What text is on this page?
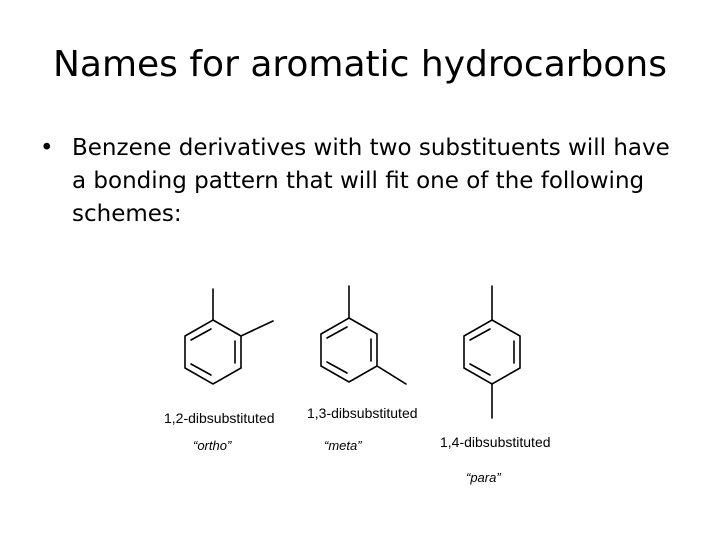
Names for aromatic hydrocarbons
• Benzene derivatives with two substituents will have a bonding pattern that will fit one of the following schemes:
1,2-dibsubstituted
“ortho”
1,3-dibsubstituted
“meta”	1,4-dibsubstituted
“para”
